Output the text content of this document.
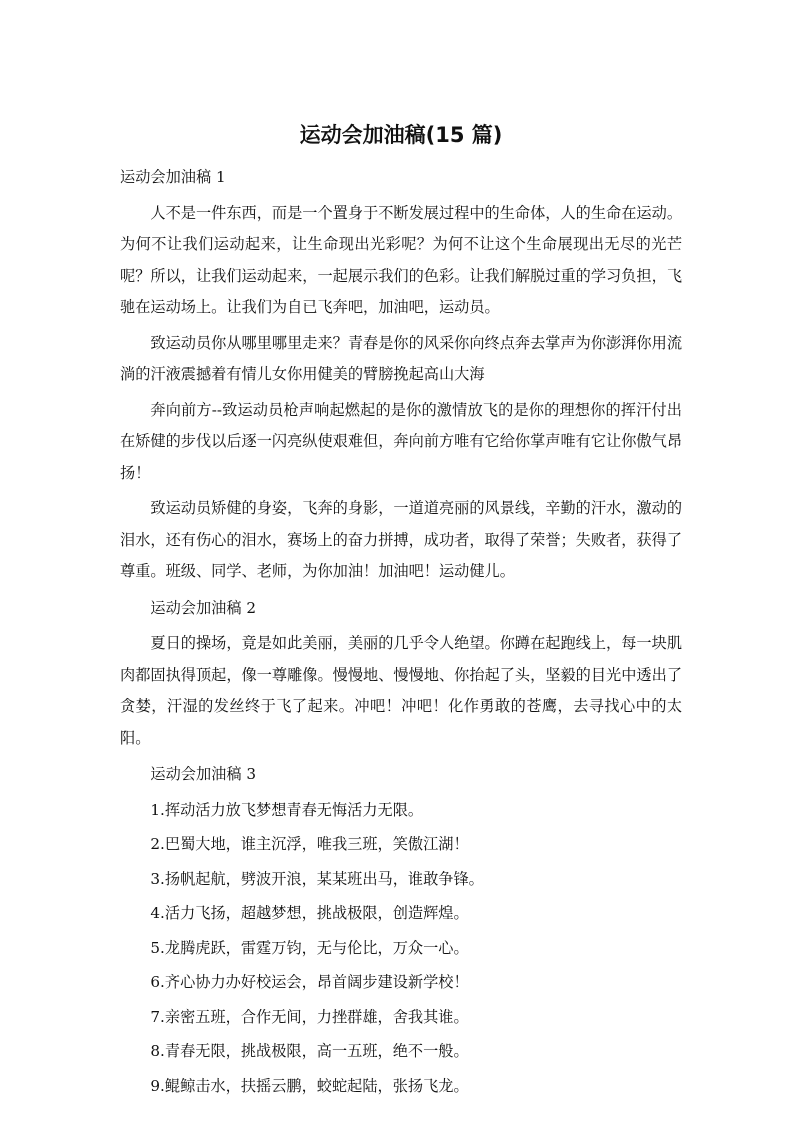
运动会加油稿(15 篇)

运动会加油稿 1

人不是一件东西，而是一个置身于不断发展过程中的生命体，人的生命在运动。为何不让我们运动起来，让生命现出光彩呢？为何不让这个生命展现出无尽的光芒呢？所以，让我们运动起来，一起展示我们的色彩。让我们解脱过重的学习负担，飞驰在运动场上。让我们为自已飞奔吧，加油吧，运动员。

致运动员你从哪里哪里走来？青春是你的风采你向终点奔去掌声为你澎湃你用流淌的汗液震撼着有情儿女你用健美的臂膀挽起高山大海

奔向前方--致运动员枪声响起燃起的是你的激情放飞的是你的理想你的挥汗付出在矫健的步伐以后逐一闪亮纵使艰难但，奔向前方唯有它给你掌声唯有它让你傲气昂扬！

致运动员矫健的身姿，飞奔的身影，一道道亮丽的风景线，辛勤的汗水，激动的泪水，还有伤心的泪水，赛场上的奋力拼搏，成功者，取得了荣誉；失败者，获得了尊重。班级、同学、老师，为你加油！加油吧！运动健儿。

运动会加油稿 2

夏日的操场，竟是如此美丽，美丽的几乎令人绝望。你蹲在起跑线上，每一块肌肉都固执得顶起，像一尊雕像。慢慢地、慢慢地、你抬起了头，坚毅的目光中透出了贪婪，汗湿的发丝终于飞了起来。冲吧！冲吧！化作勇敢的苍鹰，去寻找心中的太阳。

运动会加油稿 3

1.挥动活力放飞梦想青春无悔活力无限。
2.巴蜀大地，谁主沉浮，唯我三班，笑傲江湖！
3.扬帆起航，劈波开浪，某某班出马，谁敢争锋。
4.活力飞扬，超越梦想，挑战极限，创造辉煌。
5.龙腾虎跃，雷霆万钧，无与伦比，万众一心。
6.齐心协力办好校运会，昂首阔步建设新学校！
7.亲密五班，合作无间，力挫群雄，舍我其谁。
8.青春无限，挑战极限，高一五班，绝不一般。
9.鲲鲸击水，扶摇云鹏，蛟蛇起陆，张扬飞龙。
